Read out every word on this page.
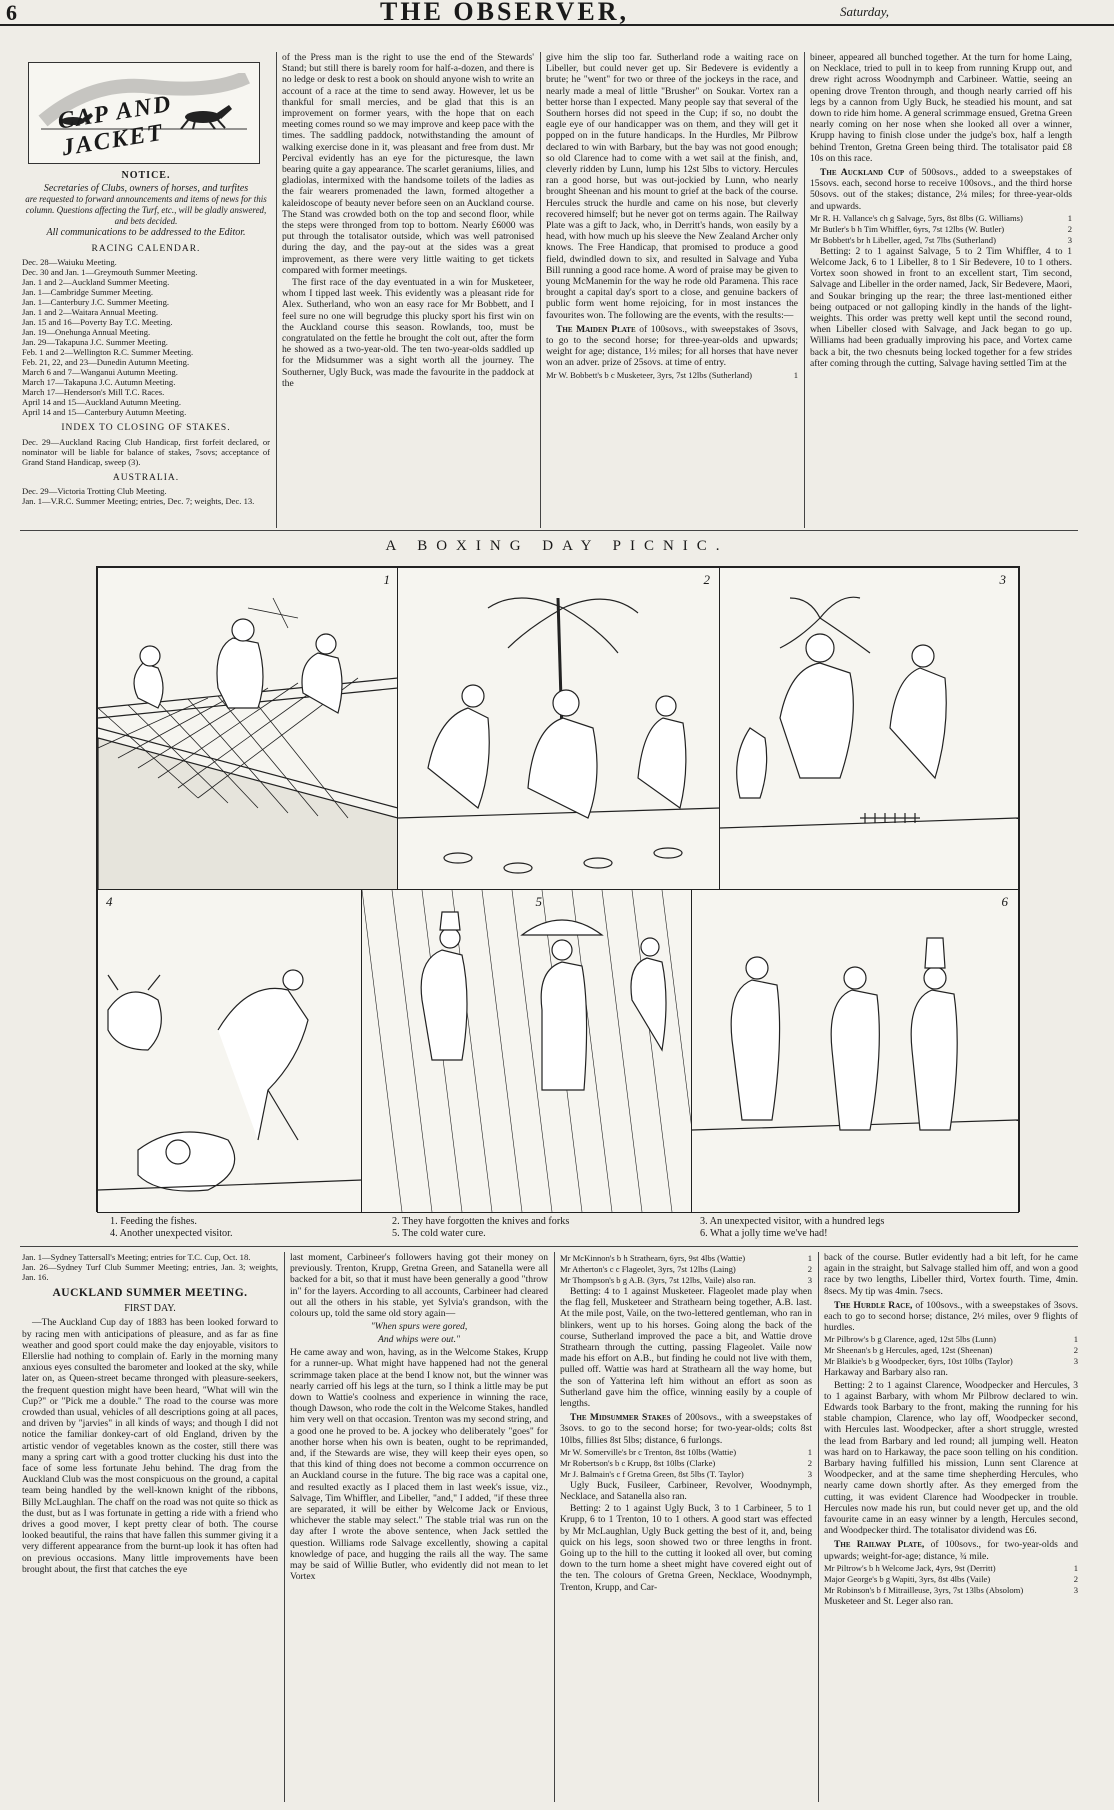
6	THE OBSERVER,	Saturday,
CAP AND JACKET
NOTICE.
Secretaries of Clubs, owners of horses, and turfites
are requested to forward announcements and items of news for this column. Questions affecting the Turf, etc., will be gladly answered, and bets decided.
All communications to be addressed to the Editor.
RACING CALENDAR.
Dec. 28—Waiuku Meeting.
Dec. 30 and Jan. 1—Greymouth Summer Meeting.
Jan. 1 and 2—Auckland Summer Meeting.
Jan. 1—Cambridge Summer Meeting.
Jan. 1—Canterbury J.C. Summer Meeting.
Jan. 1 and 2—Waitara Annual Meeting.
Jan. 15 and 16—Poverty Bay T.C. Meeting.
Jan. 19—Onehunga Annual Meeting.
Jan. 29—Takapuna J.C. Summer Meeting.
Feb. 1 and 2—Wellington R.C. Summer Meeting.
Feb. 21, 22, and 23—Dunedin Autumn Meeting.
March 6 and 7—Wanganui Autumn Meeting.
March 17—Takapuna J.C. Autumn Meeting.
March 17—Henderson's Mill T.C. Races.
April 14 and 15—Auckland Autumn Meeting.
April 14 and 15—Canterbury Autumn Meeting.
INDEX TO CLOSING OF STAKES.
Dec. 29—Auckland Racing Club Handicap, first forfeit declared, or nominator will be liable for balance of stakes, 7sovs; acceptance of Grand Stand Handicap, sweep (3).
AUSTRALIA.
Dec. 29—Victoria Trotting Club Meeting.
Jan. 1—V.R.C. Summer Meeting; entries, Dec. 7; weights, Dec. 13.

of the Press man is the right to use the end of the Stewards' Stand; but still there is barely room for half-a-dozen, and there is no ledge or desk to rest a book on should anyone wish to write an account of a race at the time to send away. However, let us be thankful for small mercies, and be glad that this is an improvement on former years, with the hope that on each meeting comes round so we may improve and keep pace with the times. The saddling paddock, notwithstanding the amount of walking exercise done in it, was pleasant and free from dust. Mr Percival evidently has an eye for the picturesque, the lawn bearing quite a gay appearance. The scarlet geraniums, lilies, and gladiolas, intermixed with the handsome toilets of the ladies as the fair wearers promenaded the lawn, formed altogether a kaleidoscope of beauty never before seen on an Auckland course. The Stand was crowded both on the top and second floor, while the steps were thronged from top to bottom. Nearly £6000 was put through the totalisator outside, which was well patronised during the day, and the pay-out at the sides was a great improvement, as there were very little waiting to get tickets compared with former meetings.

The first race of the day eventuated in a win for Musketeer, whom I tipped last week. This evidently was a pleasant ride for Alex. Sutherland, who won an easy race for Mr Bobbett, and I feel sure no one will begrudge this plucky sport his first win on the Auckland course this season. Rowlands, too, must be congratulated on the fettle he brought the colt out, after the form he showed as a two-year-old. The ten two-year-olds saddled up for the Midsummer was a sight worth all the journey. The Southerner, Ugly Buck, was made the favourite in the paddock at the

give him the slip too far. Sutherland rode a waiting race on Libeller, but could never get up. Sir Bedevere is evidently a brute; he "went" for two or three of the jockeys in the race, and nearly made a meal of little "Brusher" on Soukar. Vortex ran a better horse than I expected. Many people say that several of the Southern horses did not speed in the Cup; if so, no doubt the eagle eye of our handicapper was on them, and they will get it popped on in the future handicaps. In the Hurdles, Mr Pilbrow declared to win with Barbary, but the bay was not good enough; so old Clarence had to come with a wet sail at the finish, and, cleverly ridden by Lunn, lump his 12st 5lbs to victory. Hercules ran a good horse, but was out-jockied by Lunn, who nearly brought Sheenan and his mount to grief at the back of the course. Hercules struck the hurdle and came on his nose, but cleverly recovered himself; but he never got on terms again. The Railway Plate was a gift to Jack, who, in Derritt's hands, won easily by a head, with how much up his sleeve the New Zealand Archer only knows. The Free Handicap, that promised to produce a good field, dwindled down to six, and resulted in Salvage and Yuba Bill running a good race home. A word of praise may be given to young McManemin for the way he rode old Paramena. This race brought a capital day's sport to a close, and genuine backers of public form went home rejoicing, for in most instances the favourites won. The following are the events, with the results:—

The Maiden Plate of 100sovs., with sweepstakes of 3sovs, to go to the second horse; for three-year-olds and upwards; weight for age; distance, 1½ miles; for all horses that have never won an adver. prize of 25sovs. at time of entry.

Mr W. Bobbett's b c Musketeer, 3yrs, 7st 12lbs (Sutherland)	1

bineer, appeared all bunched together. At the turn for home Laing, on Necklace, tried to pull in to keep from running Krupp out, and drew right across Woodnymph and Carbineer. Wattie, seeing an opening drove Trenton through, and though nearly carried off his legs by a cannon from Ugly Buck, he steadied his mount, and sat down to ride him home. A general scrimmage ensued, Gretna Green nearly coming on her nose when she looked all over a winner, Krupp having to finish close under the judge's box, half a length behind Trenton, Gretna Green being third. The totalisator paid £8 10s on this race.

The Auckland Cup of 500sovs., added to a sweepstakes of 15sovs. each, second horse to receive 100sovs., and the third horse 50sovs. out of the stakes; distance, 2¼ miles; for three-year-olds and upwards.

Mr R. H. Vallance's ch g Salvage, 5yrs, 8st 8lbs (G. Williams)	1
Mr Butler's b h Tim Whiffler, 6yrs, 7st 12lbs (W. Butler)	2
Mr Bobbett's br h Libeller, aged, 7st 7lbs (Sutherland)	3

Betting: 2 to 1 against Salvage, 5 to 2 Tim Whiffler, 4 to 1 Welcome Jack, 6 to 1 Libeller, 8 to 1 Sir Bedevere, 10 to 1 others. Vortex soon showed in front to an excellent start, Tim second, Salvage and Libeller in the order named, Jack, Sir Bedevere, Maori, and Soukar bringing up the rear; the three last-mentioned either being outpaced or not galloping kindly in the hands of the light-weights. This order was pretty well kept until the second round, when Libeller closed with Salvage, and Jack began to go up. Williams had been gradually improving his pace, and Vortex came back a bit, the two chesnuts being locked together for a few strides after coming through the cutting, Salvage having settled Tim at the

A BOXING DAY PICNIC.
1	2	3
4	5	6
1. Feeding the fishes.
4. Another unexpected visitor.
2. They have forgotten the knives and forks
5. The cold water cure.
3. An unexpected visitor, with a hundred legs
6. What a jolly time we've had!
Jan. 1—Sydney Tattersall's Meeting; entries for T.C. Cup, Oct. 18.
Jan. 26—Sydney Turf Club Summer Meeting; entries, Jan. 3; weights, Jan. 16.
AUCKLAND SUMMER MEETING.
FIRST DAY.

—The Auckland Cup day of 1883 has been looked forward to by racing men with anticipations of pleasure, and as far as fine weather and good sport could make the day enjoyable, visitors to Ellerslie had nothing to complain of. Early in the morning many anxious eyes consulted the barometer and looked at the sky, while later on, as Queen-street became thronged with pleasure-seekers, the frequent question might have been heard, "What will win the Cup?" or "Pick me a double." The road to the course was more crowded than usual, vehicles of all descriptions going at all paces, and driven by "jarvies" in all kinds of ways; and though I did not notice the familiar donkey-cart of old England, driven by the artistic vendor of vegetables known as the coster, still there was many a spring cart with a good trotter clucking his dust into the face of some less fortunate Jehu behind. The drag from the Auckland Club was the most conspicuous on the ground, a capital team being handled by the well-known knight of the ribbons, Billy McLaughlan. The chaff on the road was not quite so thick as the dust, but as I was fortunate in getting a ride with a friend who drives a good mover, I kept pretty clear of both. The course looked beautiful, the rains that have fallen this summer giving it a very different appearance from the burnt-up look it has often had on previous occasions. Many little improvements have been brought about, the first that catches the eye

last moment, Carbineer's followers having got their money on previously. Trenton, Krupp, Gretna Green, and Satanella were all backed for a bit, so that it must have been generally a good "throw in" for the layers. According to all accounts, Carbineer had cleared out all the others in his stable, yet Sylvia's grandson, with the colours up, told the same old story again—

"When spurs were gored,
And whips were out."

He came away and won, having, as in the Welcome Stakes, Krupp for a runner-up. What might have happened had not the general scrimmage taken place at the bend I know not, but the winner was nearly carried off his legs at the turn, so I think a little may be put down to Wattie's coolness and experience in winning the race, though Dawson, who rode the colt in the Welcome Stakes, handled him very well on that occasion. Trenton was my second string, and a good one he proved to be. A jockey who deliberately "goes" for another horse when his own is beaten, ought to be reprimanded, and, if the Stewards are wise, they will keep their eyes open, so that this kind of thing does not become a common occurrence on an Auckland course in the future. The big race was a capital one, and resulted exactly as I placed them in last week's issue, viz., Salvage, Tim Whiffler, and Libeller, "and," I added, "if these three are separated, it will be either by Welcome Jack or Envious, whichever the stable may select." The stable trial was run on the day after I wrote the above sentence, when Jack settled the question. Williams rode Salvage excellently, showing a capital knowledge of pace, and hugging the rails all the way. The same may be said of Willie Butler, who evidently did not mean to let Vortex

Mr McKinnon's b h Strathearn, 6yrs, 9st 4lbs (Wattie)	1
Mr Atherton's c c Flageolet, 3yrs, 7st 12lbs (Laing)	2
Mr Thompson's b g A.B. (3yrs, 7st 12lbs, Vaile) also ran.	3

Betting: 4 to 1 against Musketeer. Flageolet made play when the flag fell, Musketeer and Strathearn being together, A.B. last. At the mile post, Vaile, on the two-lettered gentleman, who ran in blinkers, went up to his horses. Going along the back of the course, Sutherland improved the pace a bit, and Wattie drove Strathearn through the cutting, passing Flageolet. Vaile now made his effort on A.B., but finding he could not live with them, pulled off. Wattie was hard at Strathearn all the way home, but the son of Yatterina left him without an effort as soon as Sutherland gave him the office, winning easily by a couple of lengths.

The Midsummer Stakes of 200sovs., with a sweepstakes of 3sovs. to go to the second horse; for two-year-olds; colts 8st 10lbs, fillies 8st 5lbs; distance, 6 furlongs.

Mr W. Somerville's br c Trenton, 8st 10lbs (Wattie)	1
Mr Robertson's b c Krupp, 8st 10lbs (Clarke)	2
Mr J. Balmain's c f Gretna Green, 8st 5lbs (T. Taylor)	3

Ugly Buck, Fusileer, Carbineer, Revolver, Woodnymph, Necklace, and Satanella also ran.

Betting: 2 to 1 against Ugly Buck, 3 to 1 Carbineer, 5 to 1 Krupp, 6 to 1 Trenton, 10 to 1 others. A good start was effected by Mr McLaughlan, Ugly Buck getting the best of it, and, being quick on his legs, soon showed two or three lengths in front. Going up to the hill to the cutting it looked all over, but coming down to the turn home a sheet might have covered eight out of the ten. The colours of Gretna Green, Necklace, Woodnymph, Trenton, Krupp, and Car-

back of the course. Butler evidently had a bit left, for he came again in the straight, but Salvage stalled him off, and won a good race by two lengths, Libeller third, Vortex fourth. Time, 4min. 8secs. My tip was 4min. 7secs.

The Hurdle Race, of 100sovs., with a sweepstakes of 3sovs. each to go to second horse; distance, 2½ miles, over 9 flights of hurdles.

Mr Pilbrow's b g Clarence, aged, 12st 5lbs (Lunn)	1
Mr Sheenan's b g Hercules, aged, 12st (Sheenan)	2
Mr Blaikie's b g Woodpecker, 6yrs, 10st 10lbs (Taylor)	3

Harkaway and Barbary also ran.

Betting: 2 to 1 against Clarence, Woodpecker and Hercules, 3 to 1 against Barbary, with whom Mr Pilbrow declared to win. Edwards took Barbary to the front, making the running for his stable champion, Clarence, who lay off, Woodpecker second, with Hercules last. Woodpecker, after a short struggle, wrested the lead from Barbary and led round; all jumping well. Heaton was hard on to Harkaway, the pace soon telling on his condition. Barbary having fulfilled his mission, Lunn sent Clarence at Woodpecker, and at the same time shepherding Hercules, who nearly came down shortly after. As they emerged from the cutting, it was evident Clarence had Woodpecker in trouble. Hercules now made his run, but could never get up, and the old favourite came in an easy winner by a length, Hercules second, and Woodpecker third. The totalisator dividend was £6.

The Railway Plate, of 100sovs., for two-year-olds and upwards; weight-for-age; distance, ¾ mile.

Mr Piltrow's b h Welcome Jack, 4yrs, 9st (Derritt)	1
Major George's b g Wapiti, 3yrs, 8st 4lbs (Vaile)	2
Mr Robinson's b f Mitrailleuse, 3yrs, 7st 13lbs (Absolom)	3

Musketeer and St. Leger also ran.
